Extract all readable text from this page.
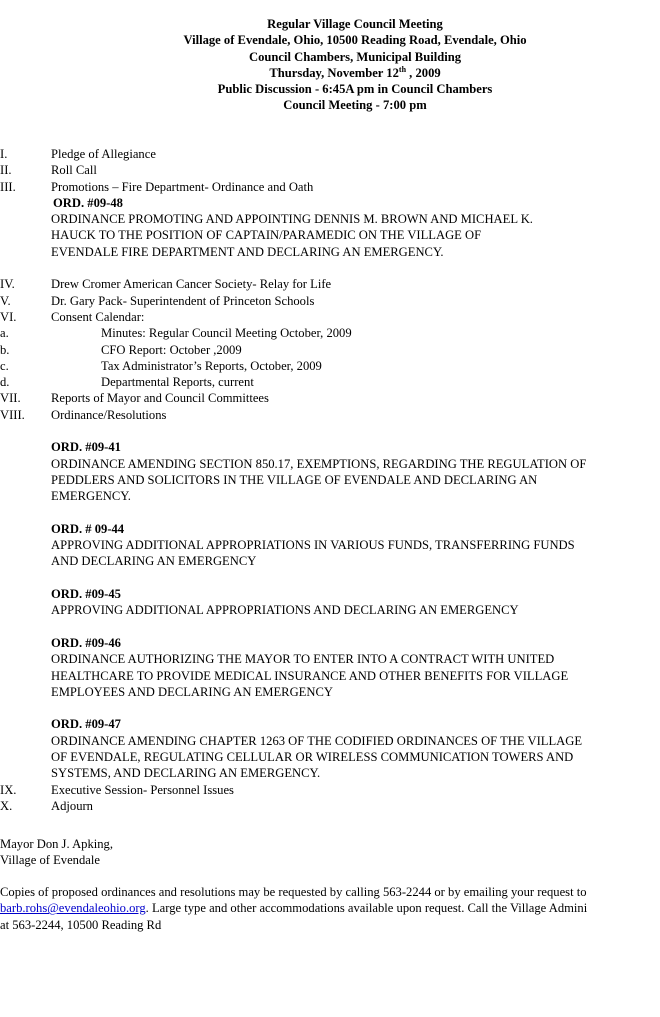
Regular Village Council Meeting
Village of Evendale, Ohio, 10500 Reading Road, Evendale, Ohio
Council Chambers, Municipal Building
Thursday, November 12th , 2009
Public Discussion - 6:45A pm in Council Chambers
Council Meeting - 7:00 pm
I.	Pledge of Allegiance
II.	Roll Call
III.	Promotions – Fire Department- Ordinance and Oath
ORD. #09-48
ORDINANCE PROMOTING AND APPOINTING DENNIS M. BROWN AND MICHAEL K.
HAUCK TO THE POSITION OF CAPTAIN/PARAMEDIC ON THE VILLAGE OF
EVENDALE FIRE DEPARTMENT AND DECLARING AN EMERGENCY.
IV.	Drew Cromer American Cancer Society- Relay for Life
V.	Dr. Gary Pack- Superintendent of Princeton Schools
VI.	Consent Calendar:
a.	Minutes: Regular Council Meeting October, 2009
b.	CFO Report: October ,2009
c.	Tax Administrator’s Reports, October, 2009
d.	Departmental Reports, current
VII. Reports of Mayor and Council Committees
VIII. Ordinance/Resolutions
ORD. #09-41
ORDINANCE AMENDING SECTION 850.17, EXEMPTIONS, REGARDING THE REGULATION OF
PEDDLERS AND SOLICITORS IN THE VILLAGE OF EVENDALE AND DECLARING AN
EMERGENCY.
ORD. # 09-44
APPROVING ADDITIONAL APPROPRIATIONS IN VARIOUS FUNDS, TRANSFERRING FUNDS
AND DECLARING AN EMERGENCY
ORD. #09-45
APPROVING ADDITIONAL APPROPRIATIONS AND DECLARING AN EMERGENCY
ORD. #09-46
ORDINANCE AUTHORIZING THE MAYOR TO ENTER INTO A CONTRACT WITH UNITED
HEALTHCARE TO PROVIDE MEDICAL INSURANCE AND OTHER BENEFITS FOR VILLAGE
EMPLOYEES AND DECLARING AN EMERGENCY
ORD. #09-47
ORDINANCE AMENDING CHAPTER 1263 OF THE CODIFIED ORDINANCES OF THE VILLAGE
OF EVENDALE, REGULATING CELLULAR OR WIRELESS COMMUNICATION TOWERS AND
SYSTEMS, AND DECLARING AN EMERGENCY.
IX.	Executive Session- Personnel Issues
X.	Adjourn
Mayor Don J. Apking,
Village of Evendale
Copies of proposed ordinances and resolutions may be requested by calling 563-2244 or by emailing your request to
barb.rohs@evendaleohio.org. Large type and other accommodations available upon request. Call the Village Admini
at 563-2244, 10500 Reading Rd
